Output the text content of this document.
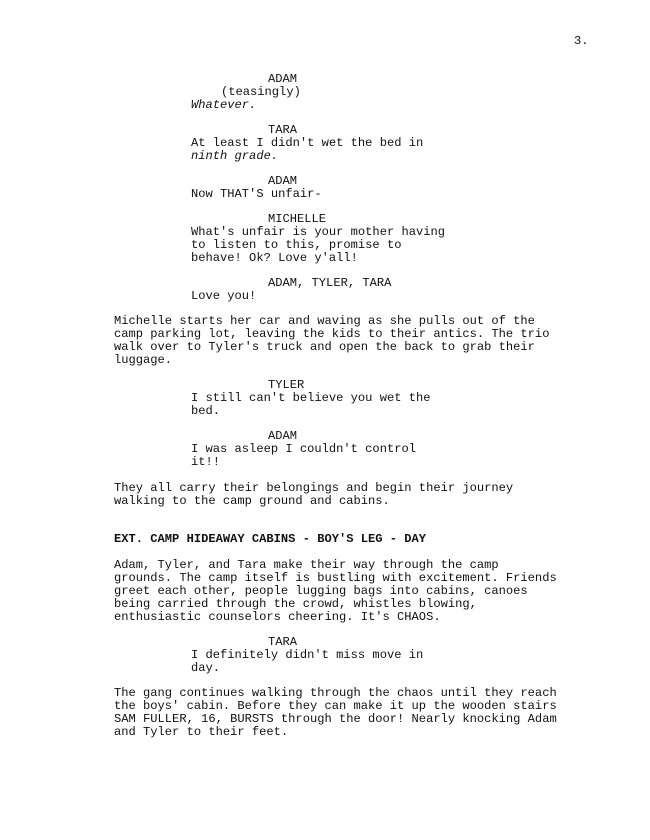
3.
ADAM
(teasingly)
Whatever.
TARA
At least I didn't wet the bed in
ninth grade.
ADAM
Now THAT'S unfair-
MICHELLE
What's unfair is your mother having
to listen to this, promise to
behave! Ok? Love y'all!
ADAM, TYLER, TARA
Love you!
Michelle starts her car and waving as she pulls out of the
camp parking lot, leaving the kids to their antics. The trio
walk over to Tyler's truck and open the back to grab their
luggage.
TYLER
I still can't believe you wet the
bed.
ADAM
I was asleep I couldn't control
it!!
They all carry their belongings and begin their journey
walking to the camp ground and cabins.
EXT. CAMP HIDEAWAY CABINS - BOY'S LEG - DAY
Adam, Tyler, and Tara make their way through the camp
grounds. The camp itself is bustling with excitement. Friends
greet each other, people lugging bags into cabins, canoes
being carried through the crowd, whistles blowing,
enthusiastic counselors cheering. It's CHAOS.
TARA
I definitely didn't miss move in
day.
The gang continues walking through the chaos until they reach
the boys' cabin. Before they can make it up the wooden stairs
SAM FULLER, 16, BURSTS through the door! Nearly knocking Adam
and Tyler to their feet.
